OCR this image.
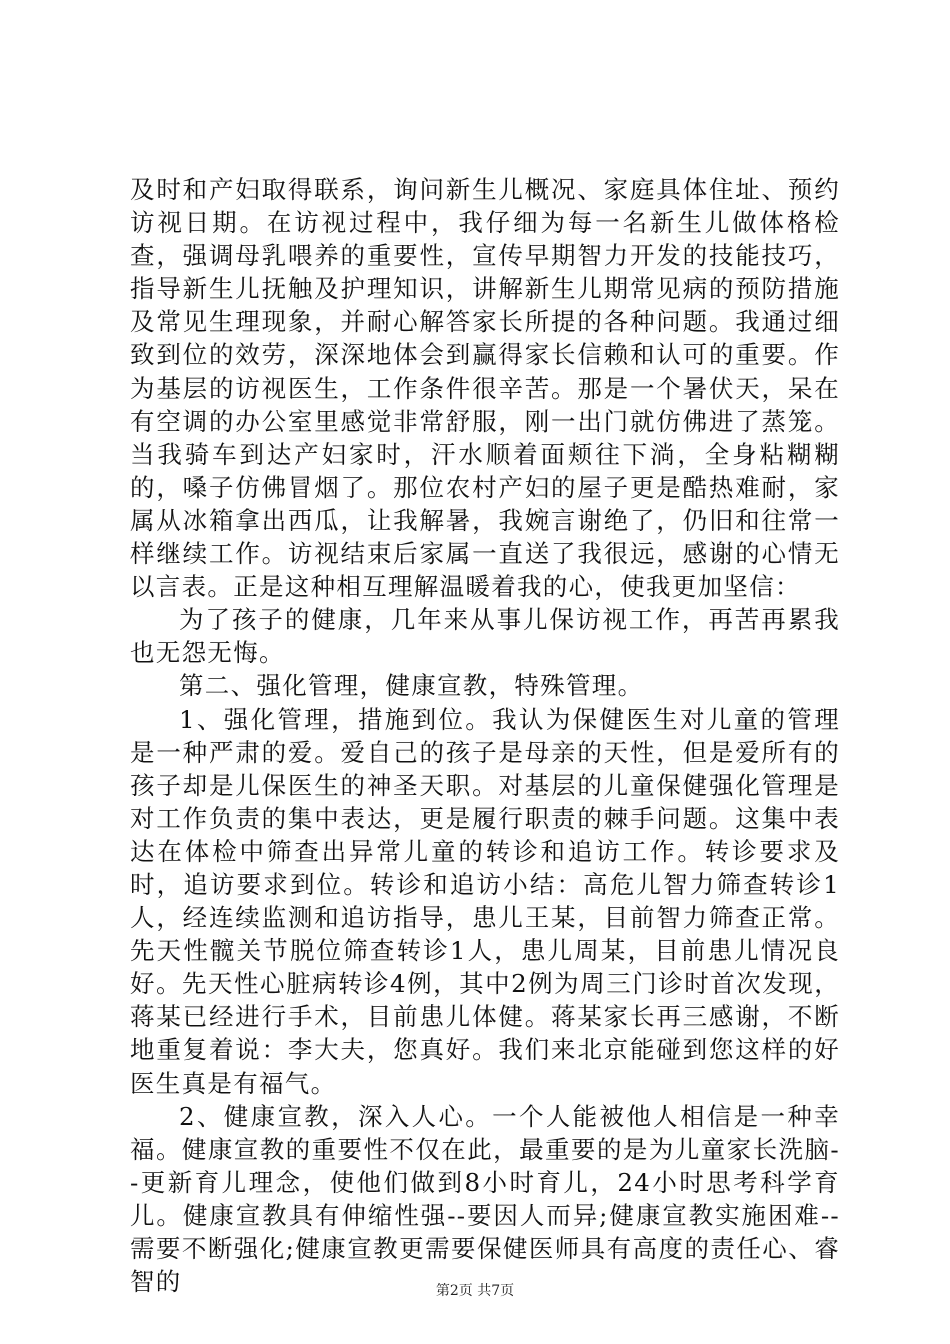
及时和产妇取得联系，询问新生儿概况、家庭具体住址、预约访视日期。在访视过程中，我仔细为每一名新生儿做体格检查，强调母乳喂养的重要性，宣传早期智力开发的技能技巧，指导新生儿抚触及护理知识，讲解新生儿期常见病的预防措施及常见生理现象，并耐心解答家长所提的各种问题。我通过细致到位的效劳，深深地体会到赢得家长信赖和认可的重要。作为基层的访视医生，工作条件很辛苦。那是一个暑伏天，呆在有空调的办公室里感觉非常舒服，刚一出门就仿佛进了蒸笼。当我骑车到达产妇家时，汗水顺着面颊往下淌，全身粘糊糊的，嗓子仿佛冒烟了。那位农村产妇的屋子更是酷热难耐，家属从冰箱拿出西瓜，让我解暑，我婉言谢绝了，仍旧和往常一样继续工作。访视结束后家属一直送了我很远，感谢的心情无以言表。正是这种相互理解温暖着我的心，使我更加坚信：

为了孩子的健康，几年来从事儿保访视工作，再苦再累我也无怨无悔。

第二、强化管理，健康宣教，特殊管理。

1、强化管理，措施到位。我认为保健医生对儿童的管理是一种严肃的爱。爱自己的孩子是母亲的天性，但是爱所有的孩子却是儿保医生的神圣天职。对基层的儿童保健强化管理是对工作负责的集中表达，更是履行职责的棘手问题。这集中表达在体检中筛查出异常儿童的转诊和追访工作。转诊要求及时，追访要求到位。转诊和追访小结：高危儿智力筛查转诊1人，经连续监测和追访指导，患儿王某，目前智力筛查正常。先天性髋关节脱位筛查转诊1人，患儿周某，目前患儿情况良好。先天性心脏病转诊4例，其中2例为周三门诊时首次发现，蒋某已经进行手术，目前患儿体健。蒋某家长再三感谢，不断地重复着说：李大夫，您真好。我们来北京能碰到您这样的好医生真是有福气。

2、健康宣教，深入人心。一个人能被他人相信是一种幸福。健康宣教的重要性不仅在此，最重要的是为儿童家长洗脑--更新育儿理念，使他们做到8小时育儿，24小时思考科学育儿。健康宣教具有伸缩性强--要因人而异;健康宣教实施困难--需要不断强化;健康宣教更需要保健医师具有高度的责任心、睿智的	第2页 共7页
